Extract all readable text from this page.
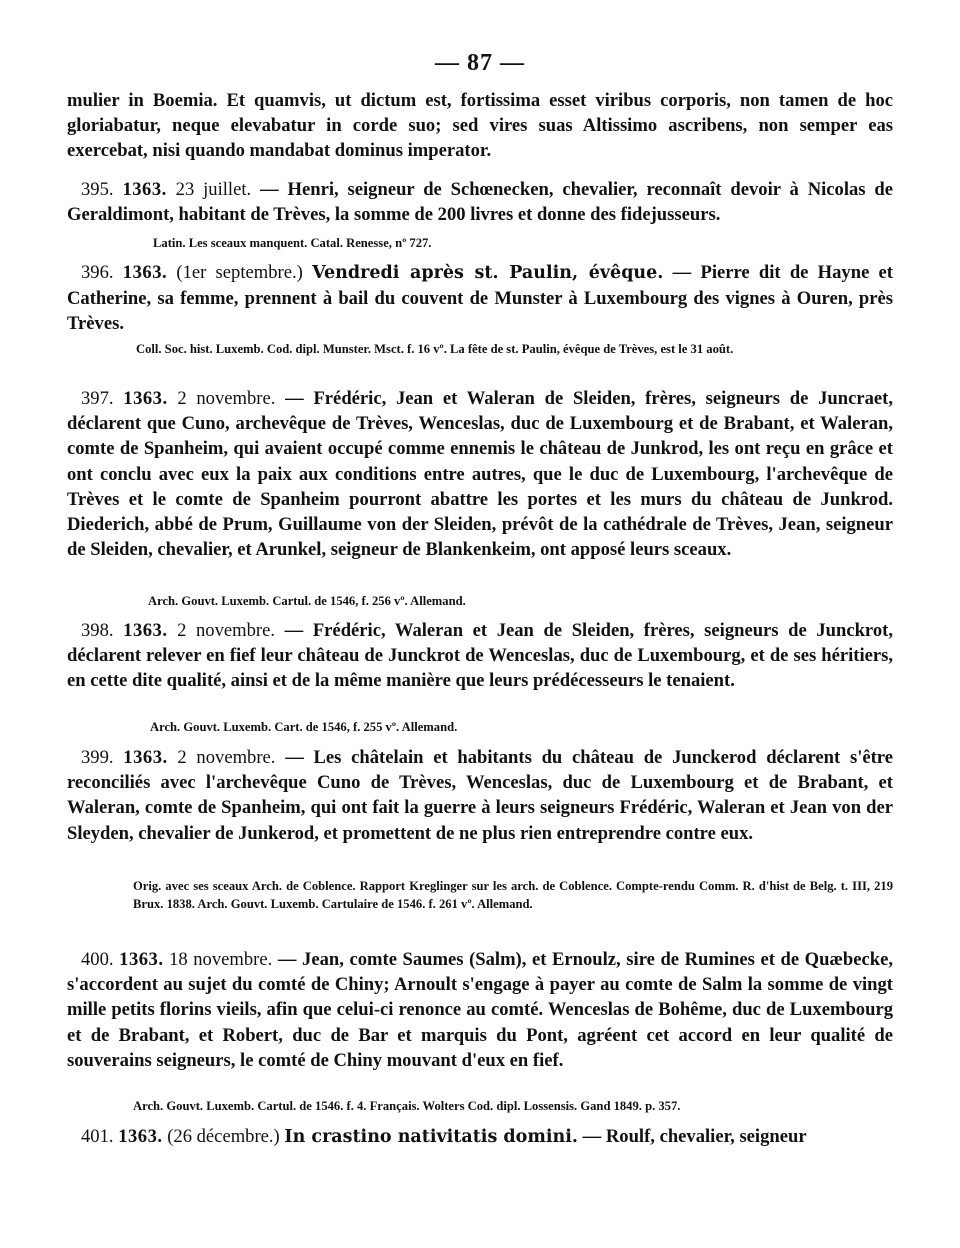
— 87 —
mulier in Boemia. Et quamvis, ut dictum est, fortissima esset viribus corporis, non tamen de hoc gloriabatur, neque elevabatur in corde suo; sed vires suas Altissimo ascribens, non semper eas exercebat, nisi quando mandabat dominus imperator.
395. 1363. 23 juillet. — Henri, seigneur de Schœnecken, chevalier, reconnaît devoir à Nicolas de Geraldimont, habitant de Trèves, la somme de 200 livres et donne des fidejusseurs.
Latin. Les sceaux manquent. Catal. Renesse, nº 727.
396. 1363. (1er septembre.) Vendredi après st. Paulin, évêque. — Pierre dit de Hayne et Catherine, sa femme, prennent à bail du couvent de Munster à Luxembourg des vignes à Ouren, près Trèves.
Coll. Soc. hist. Luxemb. Cod. dipl. Munster. Msct. f. 16 vº. La fête de st. Paulin, évêque de Trèves, est le 31 août.
397. 1363. 2 novembre. — Frédéric, Jean et Waleran de Sleiden, frères, seigneurs de Juncraet, déclarent que Cuno, archevêque de Trèves, Wenceslas, duc de Luxembourg et de Brabant, et Waleran, comte de Spanheim, qui avaient occupé comme ennemis le château de Junkrod, les ont reçu en grâce et ont conclu avec eux la paix aux conditions entre autres, que le duc de Luxembourg, l'archevêque de Trèves et le comte de Spanheim pourront abattre les portes et les murs du château de Junkrod. Diederich, abbé de Prum, Guillaume von der Sleiden, prévôt de la cathédrale de Trèves, Jean, seigneur de Sleiden, chevalier, et Arunkel, seigneur de Blankenkeim, ont apposé leurs sceaux.
Arch. Gouvt. Luxemb. Cartul. de 1546, f. 256 vº. Allemand.
398. 1363. 2 novembre. — Frédéric, Waleran et Jean de Sleiden, frères, seigneurs de Junckrot, déclarent relever en fief leur château de Junckrot de Wenceslas, duc de Luxembourg, et de ses héritiers, en cette dite qualité, ainsi et de la même manière que leurs prédécesseurs le tenaient.
Arch. Gouvt. Luxemb. Cart. de 1546, f. 255 vº. Allemand.
399. 1363. 2 novembre. — Les châtelain et habitants du château de Junckerod déclarent s'être reconciliés avec l'archevêque Cuno de Trèves, Wenceslas, duc de Luxembourg et de Brabant, et Waleran, comte de Spanheim, qui ont fait la guerre à leurs seigneurs Frédéric, Waleran et Jean von der Sleyden, chevalier de Junkerod, et promettent de ne plus rien entreprendre contre eux.
Orig. avec ses sceaux Arch. de Coblence. Rapport Kreglinger sur les arch. de Coblence. Compte-rendu Comm. R. d'hist de Belg. t. III, 219 Brux. 1838. Arch. Gouvt. Luxemb. Cartulaire de 1546. f. 261 vº. Allemand.
400. 1363. 18 novembre. — Jean, comte Saumes (Salm), et Ernoulz, sire de Rumines et de Quæbecke, s'accordent au sujet du comté de Chiny; Arnoult s'engage à payer au comte de Salm la somme de vingt mille petits florins vieils, afin que celui-ci renonce au comté. Wenceslas de Bohême, duc de Luxembourg et de Brabant, et Robert, duc de Bar et marquis du Pont, agréent cet accord en leur qualité de souverains seigneurs, le comté de Chiny mouvant d'eux en fief.
Arch. Gouvt. Luxemb. Cartul. de 1546. f. 4. Français. Wolters Cod. dipl. Lossensis. Gand 1849. p. 357.
401. 1363. (26 décembre.) In crastino nativitatis domini. — Roulf, chevalier, seigneur
